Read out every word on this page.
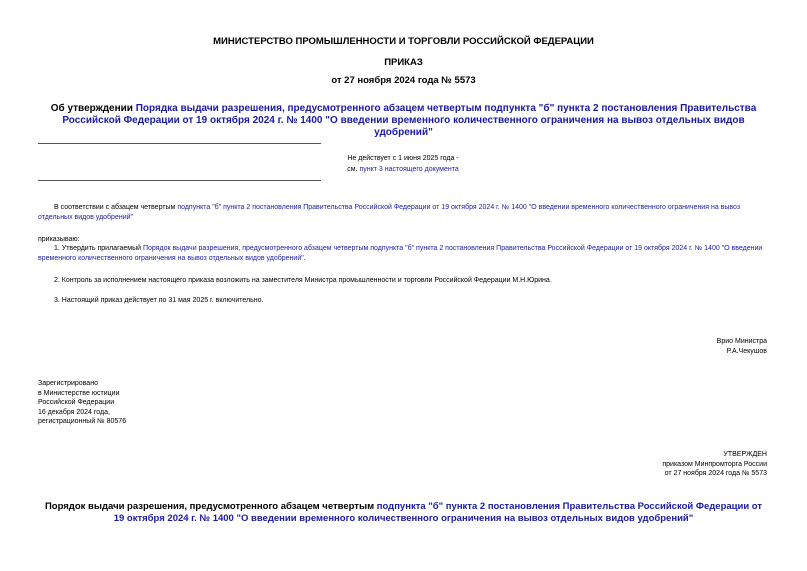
МИНИСТЕРСТВО ПРОМЫШЛЕННОСТИ И ТОРГОВЛИ РОССИЙСКОЙ ФЕДЕРАЦИИ
ПРИКАЗ
от 27 ноября 2024 года № 5573
Об утверждении Порядка выдачи разрешения, предусмотренного абзацем четвертым подпункта "б" пункта 2 постановления Правительства Российской Федерации от 19 октября 2024 г. № 1400 "О введении временного количественного ограничения на вывоз отдельных видов удобрений"
Не действует с 1 июня 2025 года -
см. пункт 3 настоящего документа
В соответствии с абзацем четвертым подпункта "б" пункта 2 постановления Правительства Российской Федерации от 19 октября 2024 г. № 1400 "О введении временного количественного ограничения на вывоз отдельных видов удобрений"
приказываю:
1. Утвердить прилагаемый Порядок выдачи разрешения, предусмотренного абзацем четвертым подпункта "б" пункта 2 постановления Правительства Российской Федерации от 19 октября 2024 г. № 1400 "О введении временного количественного ограничения на вывоз отдельных видов удобрений".
2. Контроль за исполнением настоящего приказа возложить на заместителя Министра промышленности и торговли Российской Федерации М.Н.Юрина.
3. Настоящий приказ действует по 31 мая 2025 г. включительно.
Врио Министра
Р.А.Чекушов
Зарегистрировано
в Министерстве юстиции
Российской Федерации
16 декабря 2024 года,
регистрационный № 80576
УТВЕРЖДЕН
приказом Минпромторга России
от 27 ноября 2024 года № 5573
Порядок выдачи разрешения, предусмотренного абзацем четвертым подпункта "б" пункта 2 постановления Правительства Российской Федерации от 19 октября 2024 г. № 1400 "О введении временного количественного ограничения на вывоз отдельных видов удобрений"
